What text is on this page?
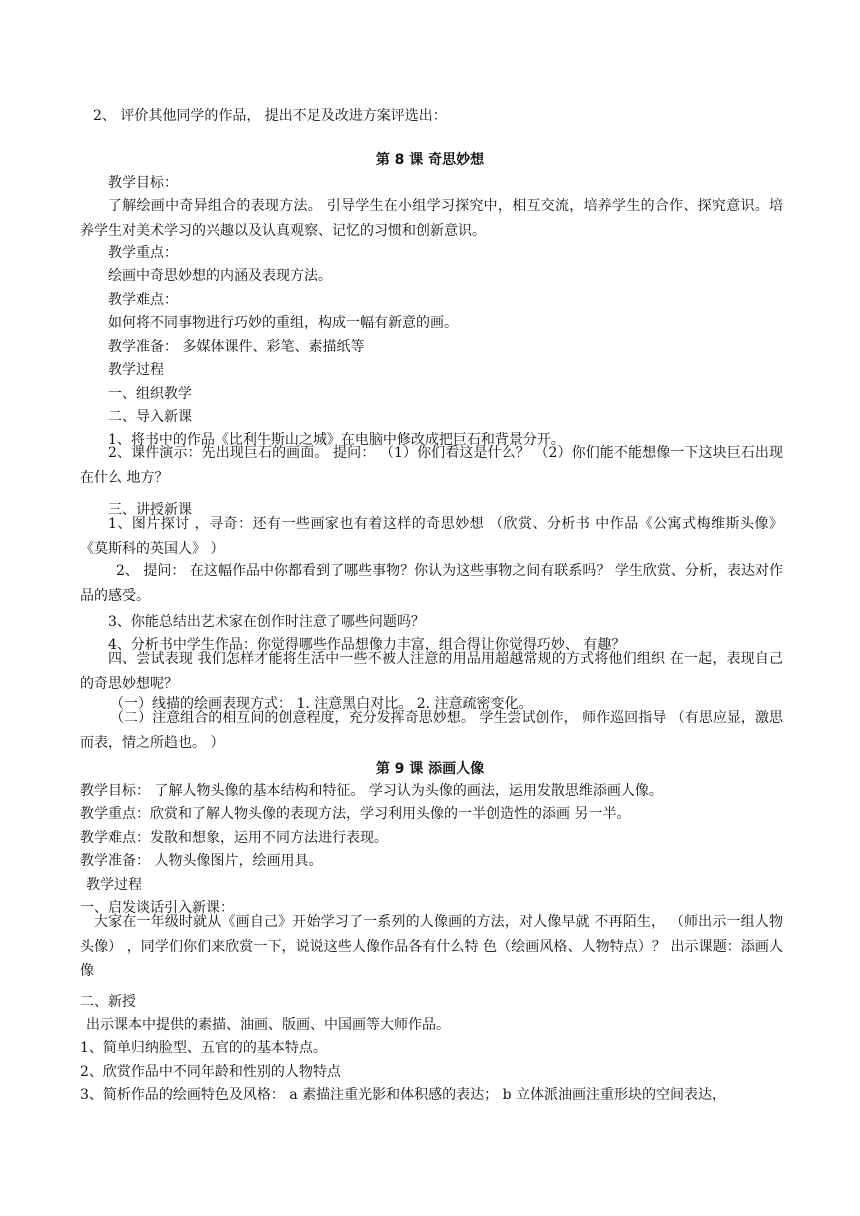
2、 评价其他同学的作品， 提出不足及改进方案评选出：
第 8 课 奇思妙想
教学目标：
了解绘画中奇异组合的表现方法。 引导学生在小组学习探究中，相互交流，培养学生的合作、探究意识。培 养学生对美术学习的兴趣以及认真观察、记忆的习惯和创新意识。
教学重点：
绘画中奇思妙想的内涵及表现方法。
教学难点：
如何将不同事物进行巧妙的重组，构成一幅有新意的画。
教学准备： 多媒体课件、彩笔、素描纸等
教学过程
一、组织教学
二、导入新课
1、将书中的作品《比利牛斯山之城》在电脑中修改成把巨石和背景分开。
2、课件演示：先出现巨石的画面。 提问： （1）你们看这是什么？ （2）你们能不能想像一下这块巨石出现在什么 地方？
三、讲授新课
1、图片探讨 ，寻奇：还有一些画家也有着这样的奇思妙想 （欣赏、分析书 中作品《公寓式梅维斯头像》 《莫斯科的英国人》 ）
2、 提问： 在这幅作品中你都看到了哪些事物？你认为这些事物之间有联系吗？ 学生欣赏、分析，表达对作品的感受。
3、你能总结出艺术家在创作时注意了哪些问题吗？
4、分析书中学生作品：你觉得哪些作品想像力丰富，组合得让你觉得巧妙、 有趣？
四、尝试表现 我们怎样才能将生活中一些不被人注意的用品用超越常规的方式将他们组织 在一起，表现自己的奇思妙想呢？
（一）线描的绘画表现方式： 1. 注意黑白对比。 2. 注意疏密变化。
（二）注意组合的相互间的创意程度，充分发挥奇思妙想。 学生尝试创作， 师作巡回指导 （有思应显，激思而表，情之所趋也。 ）
第 9 课 添画人像
教学目标： 了解人物头像的基本结构和特征。 学习认为头像的画法，运用发散思维添画人像。
教学重点：欣赏和了解人物头像的表现方法，学习利用头像的一半创造性的添画 另一半。
教学难点：发散和想象，运用不同方法进行表现。
教学准备： 人物头像图片，绘画用具。
教学过程
一、启发谈话引入新课：
大家在一年级时就从《画自己》开始学习了一系列的人像画的方法，对人像早就 不再陌生， （师出示一组人物头像） ，同学们你们来欣赏一下，说说这些人像作品各有什么特 色（绘画风格、人物特点）？ 出示课题：添画人像
二、新授
出示课本中提供的素描、油画、版画、中国画等大师作品。
1、简单归纳脸型、五官的的基本特点。
2、欣赏作品中不同年龄和性别的人物特点
3、简析作品的绘画特色及风格： a 素描注重光影和体积感的表达； b 立体派油画注重形块的空间表达，
